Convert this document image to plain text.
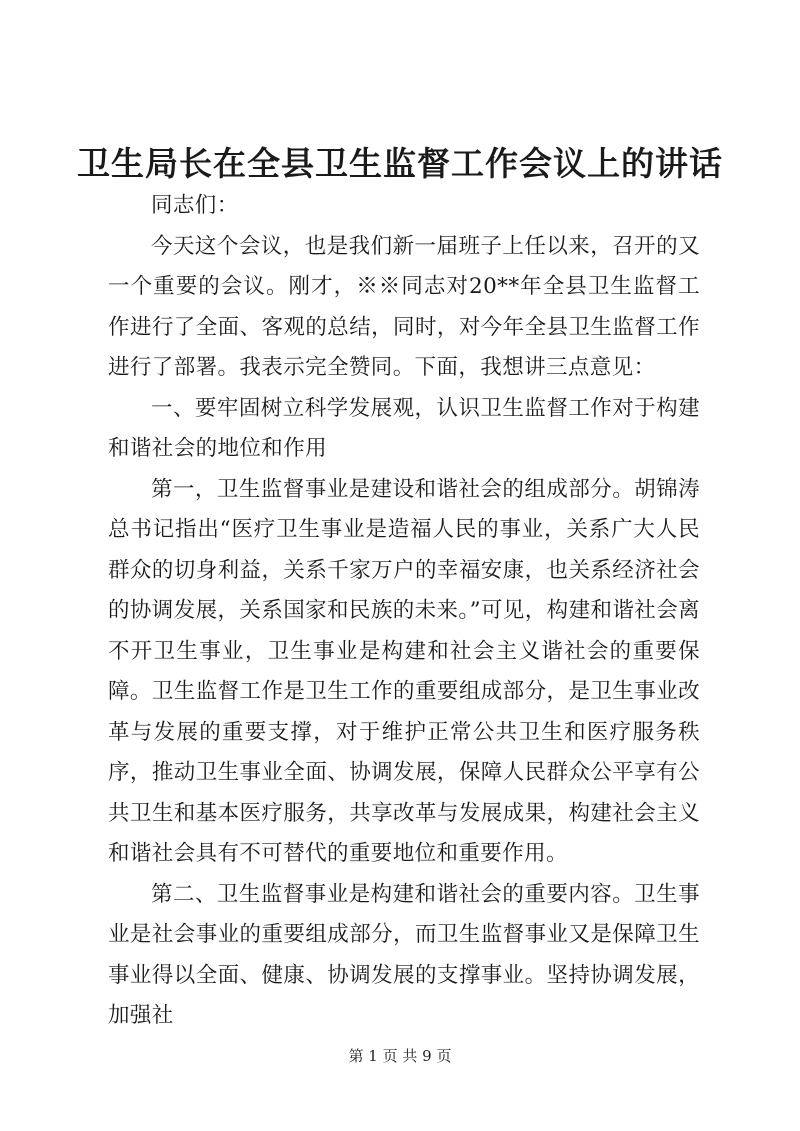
卫生局长在全县卫生监督工作会议上的讲话

同志们：

今天这个会议，也是我们新一届班子上任以来，召开的又一个重要的会议。刚才，※※同志对20**年全县卫生监督工作进行了全面、客观的总结，同时，对今年全县卫生监督工作进行了部署。我表示完全赞同。下面，我想讲三点意见：

一、要牢固树立科学发展观，认识卫生监督工作对于构建和谐社会的地位和作用

第一，卫生监督事业是建设和谐社会的组成部分。胡锦涛总书记指出“医疗卫生事业是造福人民的事业，关系广大人民群众的切身利益，关系千家万户的幸福安康，也关系经济社会的协调发展，关系国家和民族的未来。”可见，构建和谐社会离不开卫生事业，卫生事业是构建和社会主义谐社会的重要保障。卫生监督工作是卫生工作的重要组成部分，是卫生事业改革与发展的重要支撑，对于维护正常公共卫生和医疗服务秩序，推动卫生事业全面、协调发展，保障人民群众公平享有公共卫生和基本医疗服务，共享改革与发展成果，构建社会主义和谐社会具有不可替代的重要地位和重要作用。

第二、卫生监督事业是构建和谐社会的重要内容。卫生事业是社会事业的重要组成部分，而卫生监督事业又是保障卫生事业得以全面、健康、协调发展的支撑事业。坚持协调发展，加强社

第 1 页 共 9 页
